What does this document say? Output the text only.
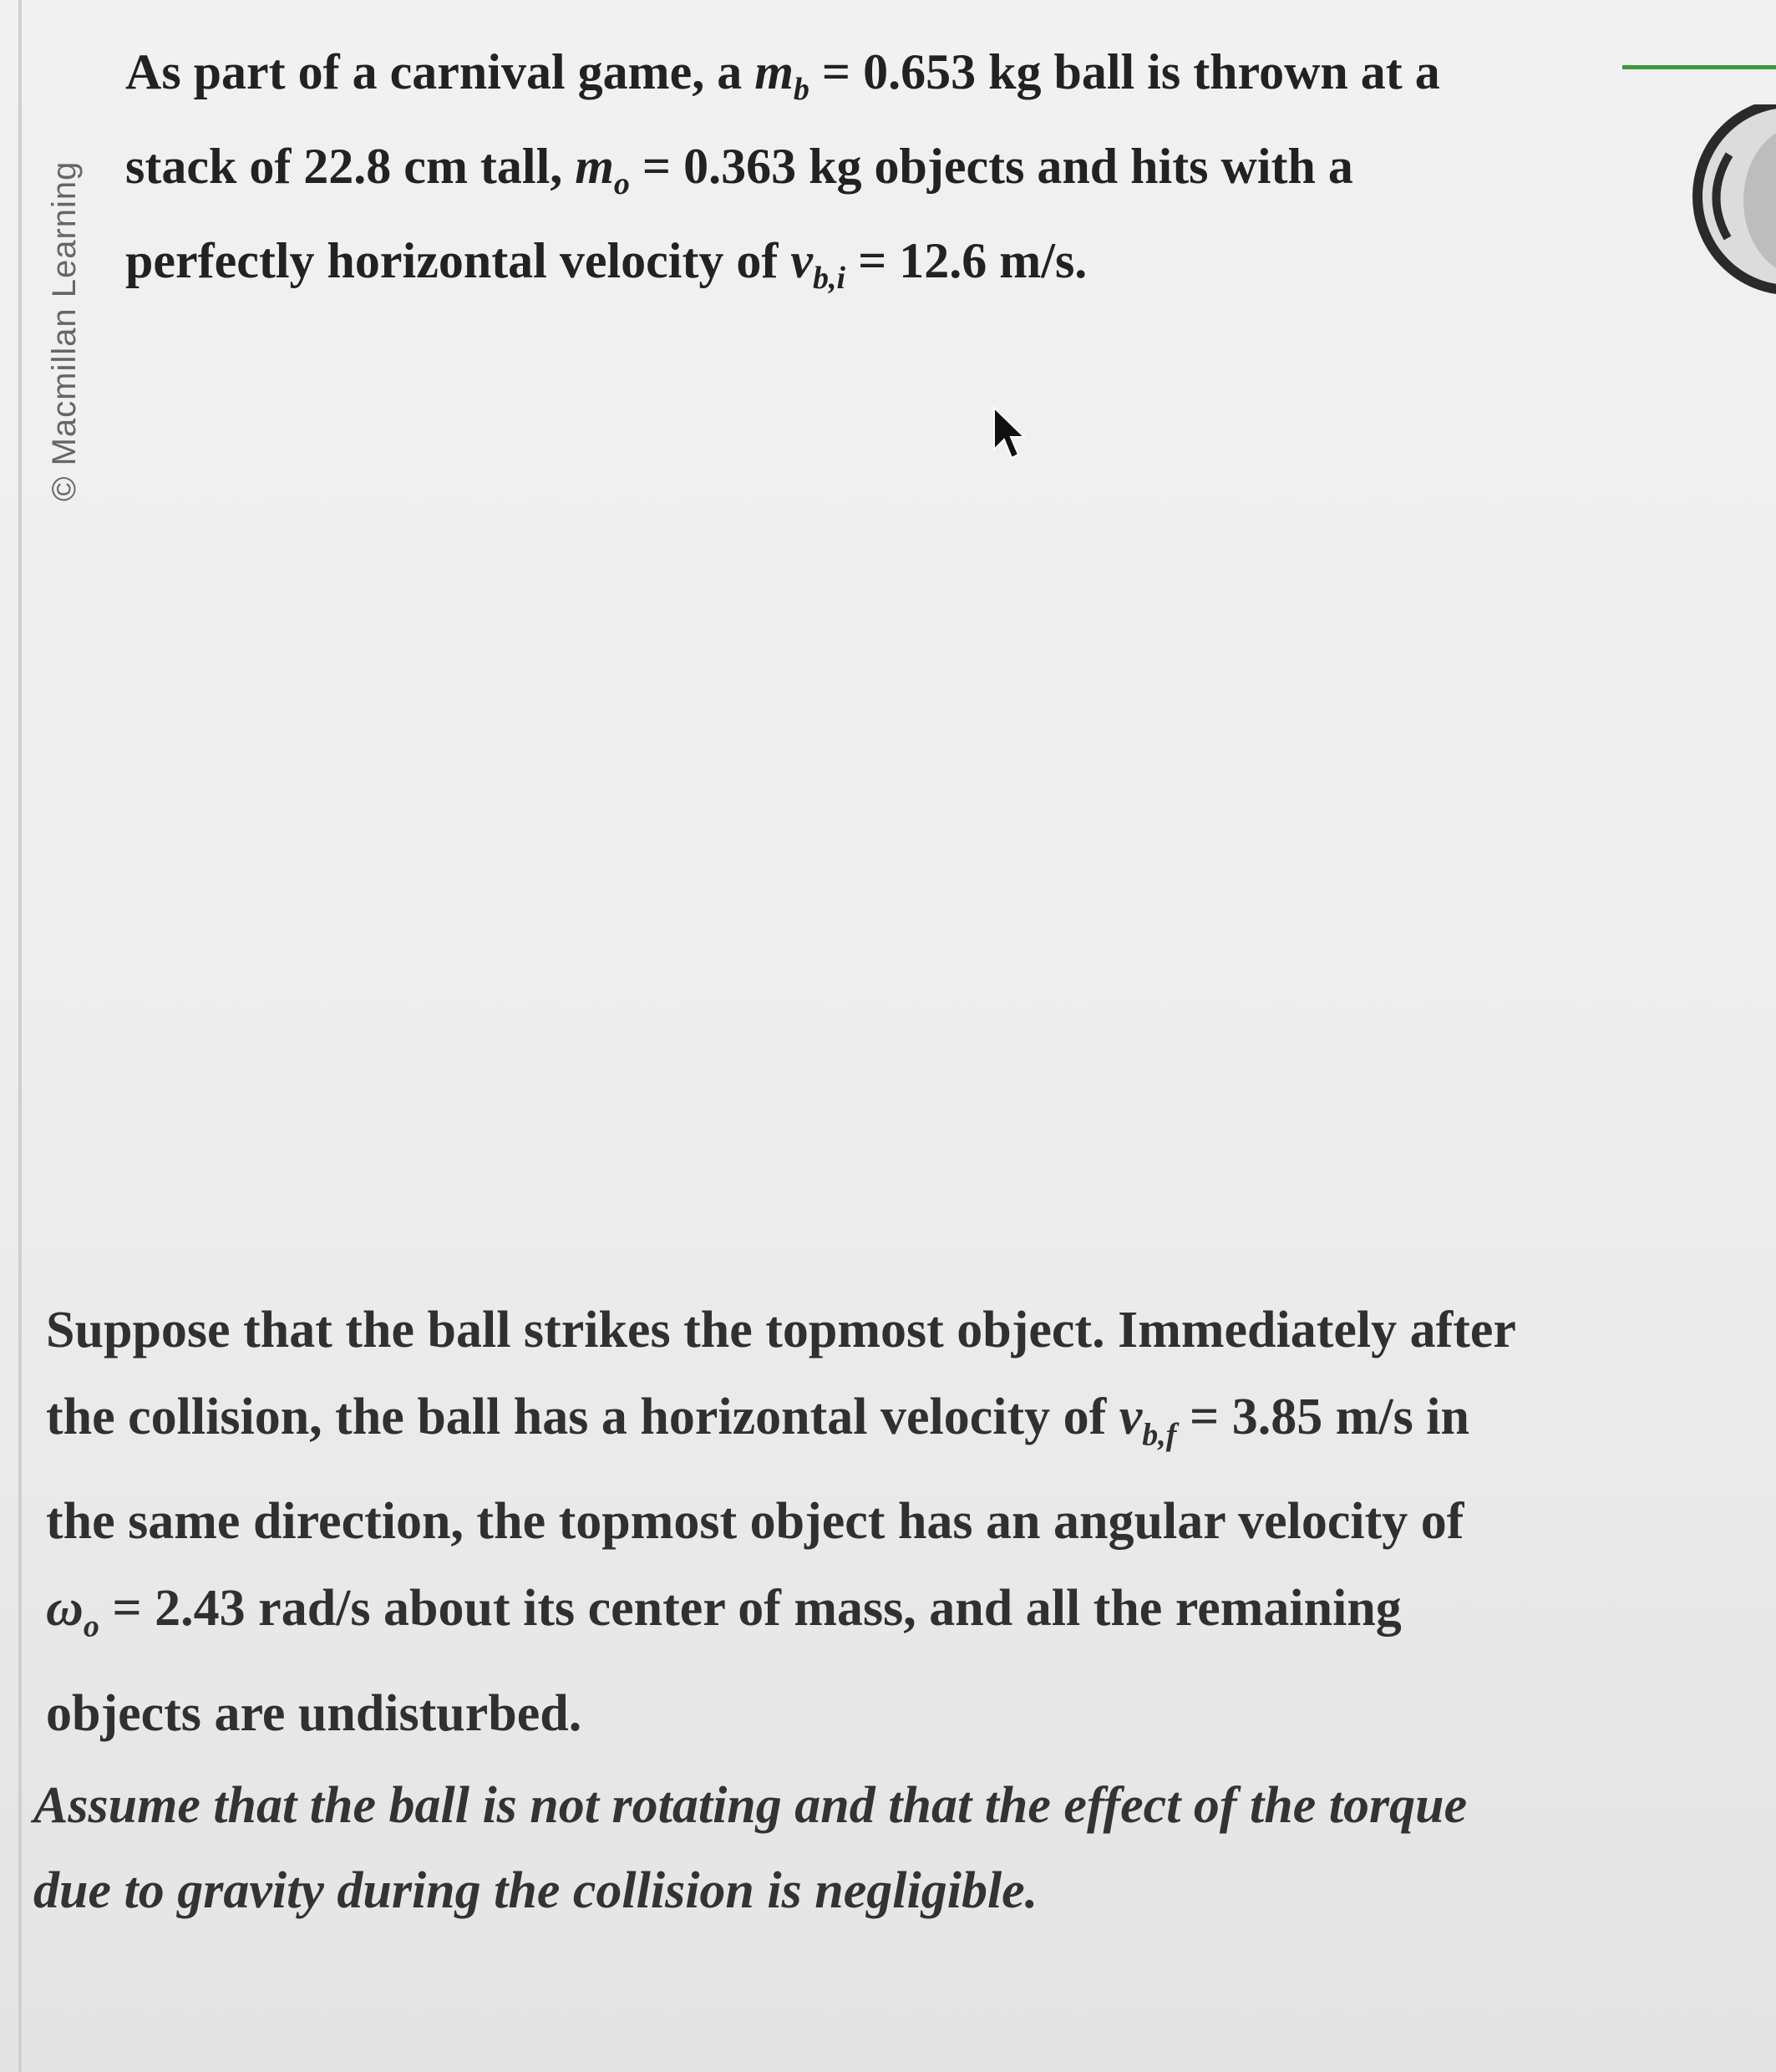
© Macmillan Learning
As part of a carnival game, a $m_b = 0.653$ kg ball is thrown at a stack of 22.8 cm tall, $m_o = 0.363$ kg objects and hits with a perfectly horizontal velocity of $v_{b,i} = 12.6$ m/s.
Suppose that the ball strikes the topmost object. Immediately after the collision, the ball has a horizontal velocity of $v_{b,f} = 3.85$ m/s in the same direction, the topmost object has an angular velocity of $\omega_o = 2.43$ rad/s about its center of mass, and all the remaining objects are undisturbed.
Assume that the ball is not rotating and that the effect of the torque due to gravity during the collision is negligible.
